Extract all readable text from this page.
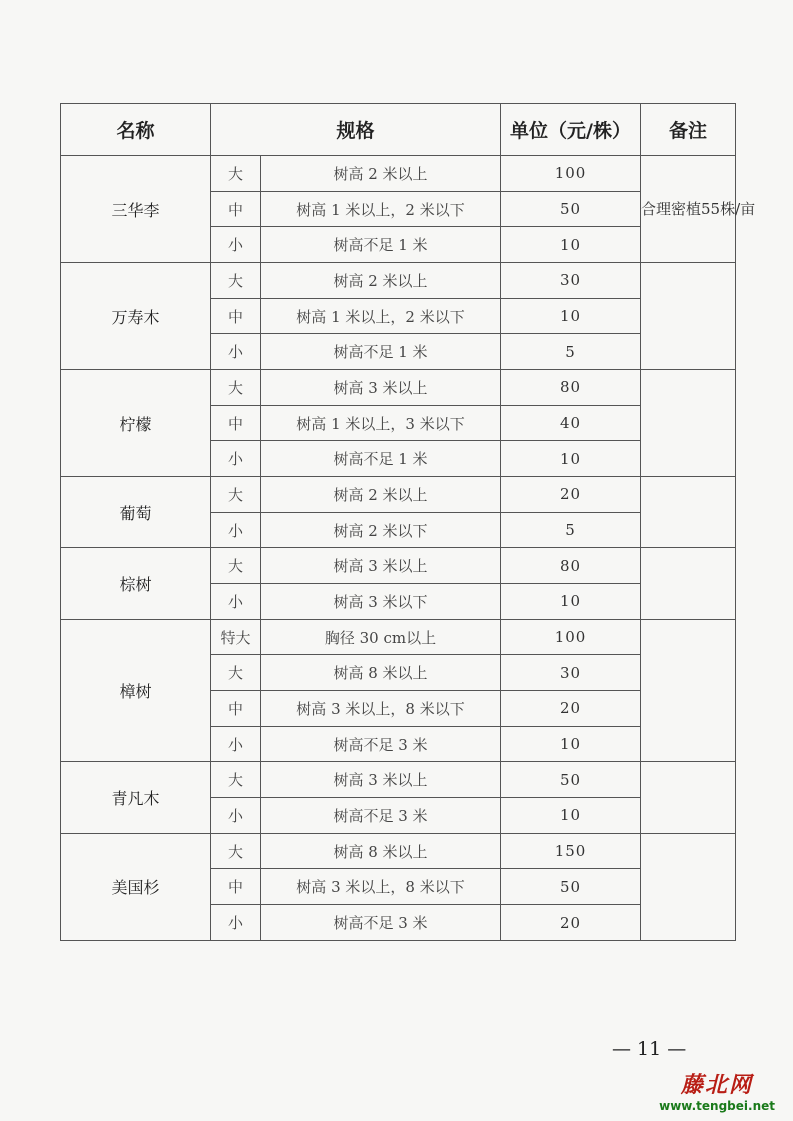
名称	规格		单位（元/株）	备注
三华李	大	树高 2 米以上	100	合理密植55株/亩
	中	树高 1 米以上，2 米以下	50	
	小	树高不足 1 米	10	
万寿木	大	树高 2 米以上	30	
	中	树高 1 米以上，2 米以下	10	
	小	树高不足 1 米	5	
柠檬	大	树高 3 米以上	80	
	中	树高 1 米以上，3 米以下	40	
	小	树高不足 1 米	10	
葡萄	大	树高 2 米以上	20	
	小	树高 2 米以下	5	
棕树	大	树高 3 米以上	80	
	小	树高 3 米以下	10	
樟树	特大	胸径 30 cm以上	100	
	大	树高 8 米以上	30	
	中	树高 3 米以上，8 米以下	20	
	小	树高不足 3 米	10	
青凡木	大	树高 3 米以上	50	
	小	树高不足 3 米	10	
美国杉	大	树高 8 米以上	150	
	中	树高 3 米以上，8 米以下	50	
	小	树高不足 3 米	20	
— 11 —
藤北网
www.tengbei.net
